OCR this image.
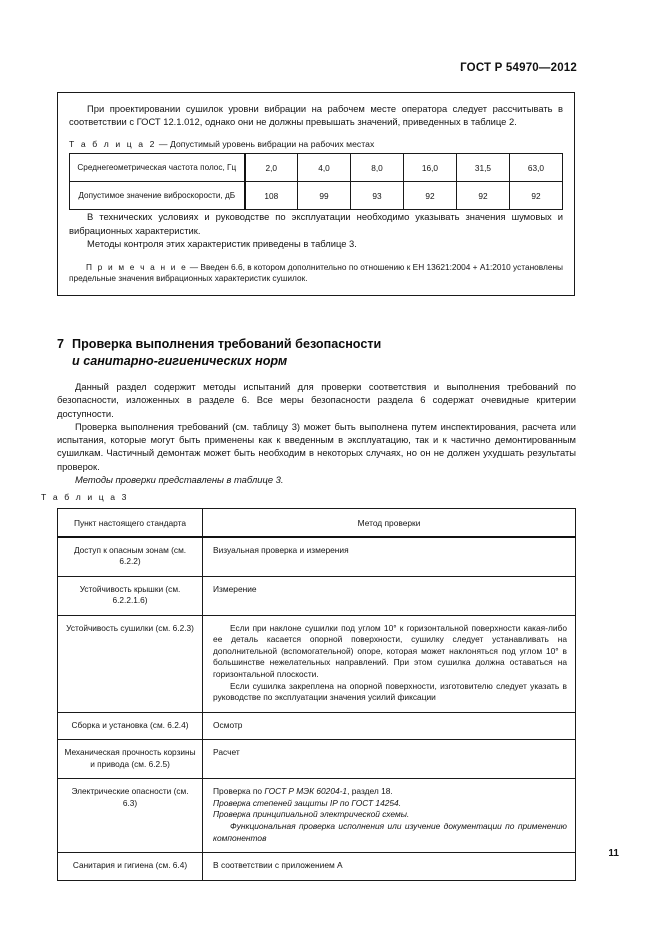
ГОСТ Р 54970—2012

При проектировании сушилок уровни вибрации на рабочем месте оператора следует рассчитывать в соответствии с ГОСТ 12.1.012, однако они не должны превышать значений, приведенных в таблице 2.

Т а б л и ц а 2 — Допустимый уровень вибрации на рабочих местах
Среднегеометрическая частота полос, Гц	2,0	4,0	8,0	16,0	31,5	63,0
Допустимое значение виброскорости, дБ	108	99	93	92	92	92

В технических условиях и руководстве по эксплуатации необходимо указывать значения шумовых и вибрационных характеристик.

Методы контроля этих характеристик приведены в таблице 3.

П р и м е ч а н и е — Введен 6.6, в котором дополнительно по отношению к ЕН 13621:2004 + А1:2010 установлены предельные значения вибрационных характеристик сушилок.
7 Проверка выполнения требований безопасности
и санитарно-гигиенических норм

Данный раздел содержит методы испытаний для проверки соответствия и выполнения требований по безопасности, изложенных в разделе 6. Все меры безопасности раздела 6 содержат очевидные критерии доступности.

Проверка выполнения требований (см. таблицу 3) может быть выполнена путем инспектирования, расчета или испытания, которые могут быть применены как к введенным в эксплуатацию, так и к частично демонтированным сушилкам. Частичный демонтаж может быть необходим в некоторых случаях, но он не должен ухудшать результаты проверок.

Методы проверки представлены в таблице 3.

Т а б л и ц а 3
Пункт настоящего стандарта	Метод проверки
Доступ к опасным зонам (см. 6.2.2)	Визуальная проверка и измерения

Устойчивость крышки (см. 6.2.2.1.6)	Измерение

Устойчивость сушилки (см. 6.2.3)	Если при наклоне сушилки под углом 10° к горизонтальной поверхности какая-либо ее деталь касается опорной поверхности, сушилку следует устанавливать на дополнительной (вспомогательной) опоре, которая может наклоняться под углом 10° в большинстве нежелательных направлений. При этом сушилка должна оставаться на горизонтальной плоскости.
Если сушилка закреплена на опорной поверхности, изготовителю следует указать в руководстве по эксплуатации значения усилий фиксации

Сборка и установка (см. 6.2.4)	Осмотр

Механическая прочность корзины и привода (см. 6.2.5)	Расчет

Электрические опасности (см. 6.3)	Проверка по ГОСТ Р МЭК 60204-1, раздел 18.
Проверка степеней защиты IP по ГОСТ 14254.
Проверка принципиальной электрической схемы.
Функциональная проверка исполнения или изучение документации по применению компонентов

Санитария и гигиена (см. 6.4)	В соответствии с приложением А
11
